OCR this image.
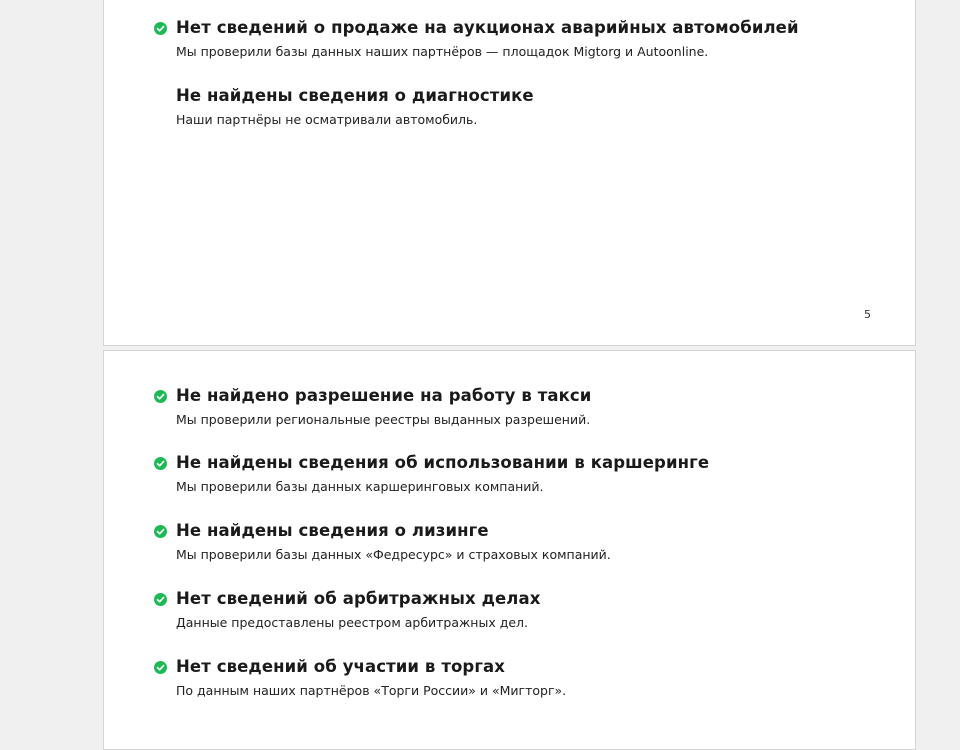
Нет сведений о продаже на аукционах аварийных автомобилей
Мы проверили базы данных наших партнёров — площадок Migtorg и Autoonline.
Не найдены сведения о диагностике
Наши партнёры не осматривали автомобиль.
5
Не найдено разрешение на работу в такси
Мы проверили региональные реестры выданных разрешений.
Не найдены сведения об использовании в каршеринге
Мы проверили базы данных каршеринговых компаний.
Не найдены сведения о лизинге
Мы проверили базы данных «Федресурс» и страховых компаний.
Нет сведений об арбитражных делах
Данные предоставлены реестром арбитражных дел.
Нет сведений об участии в торгах
По данным наших партнёров «Торги России» и «Мигторг».
